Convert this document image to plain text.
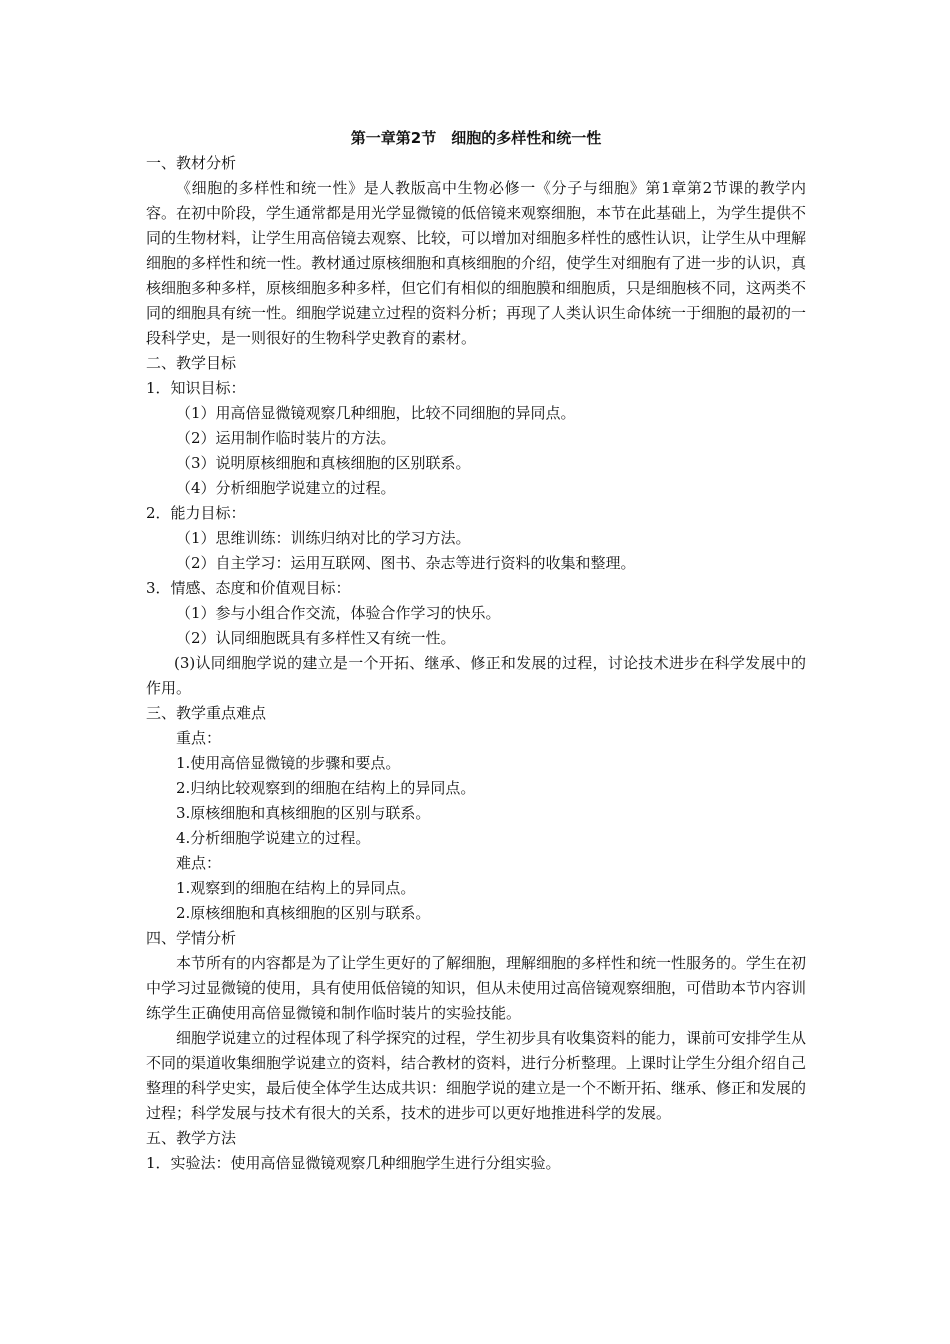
第一章第2节　细胞的多样性和统一性
一、教材分析

《细胞的多样性和统一性》是人教版高中生物必修一《分子与细胞》第1章第2节课的教学内容。在初中阶段，学生通常都是用光学显微镜的低倍镜来观察细胞，本节在此基础上，为学生提供不同的生物材料，让学生用高倍镜去观察、比较，可以增加对细胞多样性的感性认识，让学生从中理解细胞的多样性和统一性。教材通过原核细胞和真核细胞的介绍，使学生对细胞有了进一步的认识，真核细胞多种多样，原核细胞多种多样，但它们有相似的细胞膜和细胞质，只是细胞核不同，这两类不同的细胞具有统一性。细胞学说建立过程的资料分析；再现了人类认识生命体统一于细胞的最初的一段科学史，是一则很好的生物科学史教育的素材。

二、教学目标
1．知识目标：
（1）用高倍显微镜观察几种细胞，比较不同细胞的异同点。
（2）运用制作临时装片的方法。
（3）说明原核细胞和真核细胞的区别联系。
（4）分析细胞学说建立的过程。
2．能力目标：
（1）思维训练：训练归纳对比的学习方法。
（2）自主学习：运用互联网、图书、杂志等进行资料的收集和整理。
3．情感、态度和价值观目标：
（1）参与小组合作交流，体验合作学习的快乐。
（2）认同细胞既具有多样性又有统一性。

(3)认同细胞学说的建立是一个开拓、继承、修正和发展的过程，讨论技术进步在科学发展中的作用。

三、教学重点难点
重点：
1.使用高倍显微镜的步骤和要点。
2.归纳比较观察到的细胞在结构上的异同点。
3.原核细胞和真核细胞的区别与联系。
4.分析细胞学说建立的过程。
难点：
1.观察到的细胞在结构上的异同点。
2.原核细胞和真核细胞的区别与联系。
四、学情分析

本节所有的内容都是为了让学生更好的了解细胞，理解细胞的多样性和统一性服务的。学生在初中学习过显微镜的使用，具有使用低倍镜的知识，但从未使用过高倍镜观察细胞，可借助本节内容训练学生正确使用高倍显微镜和制作临时装片的实验技能。

细胞学说建立的过程体现了科学探究的过程，学生初步具有收集资料的能力，课前可安排学生从不同的渠道收集细胞学说建立的资料，结合教材的资料，进行分析整理。上课时让学生分组介绍自己整理的科学史实，最后使全体学生达成共识：细胞学说的建立是一个不断开拓、继承、修正和发展的过程；科学发展与技术有很大的关系，技术的进步可以更好地推进科学的发展。

五、教学方法
1．实验法：使用高倍显微镜观察几种细胞学生进行分组实验。
